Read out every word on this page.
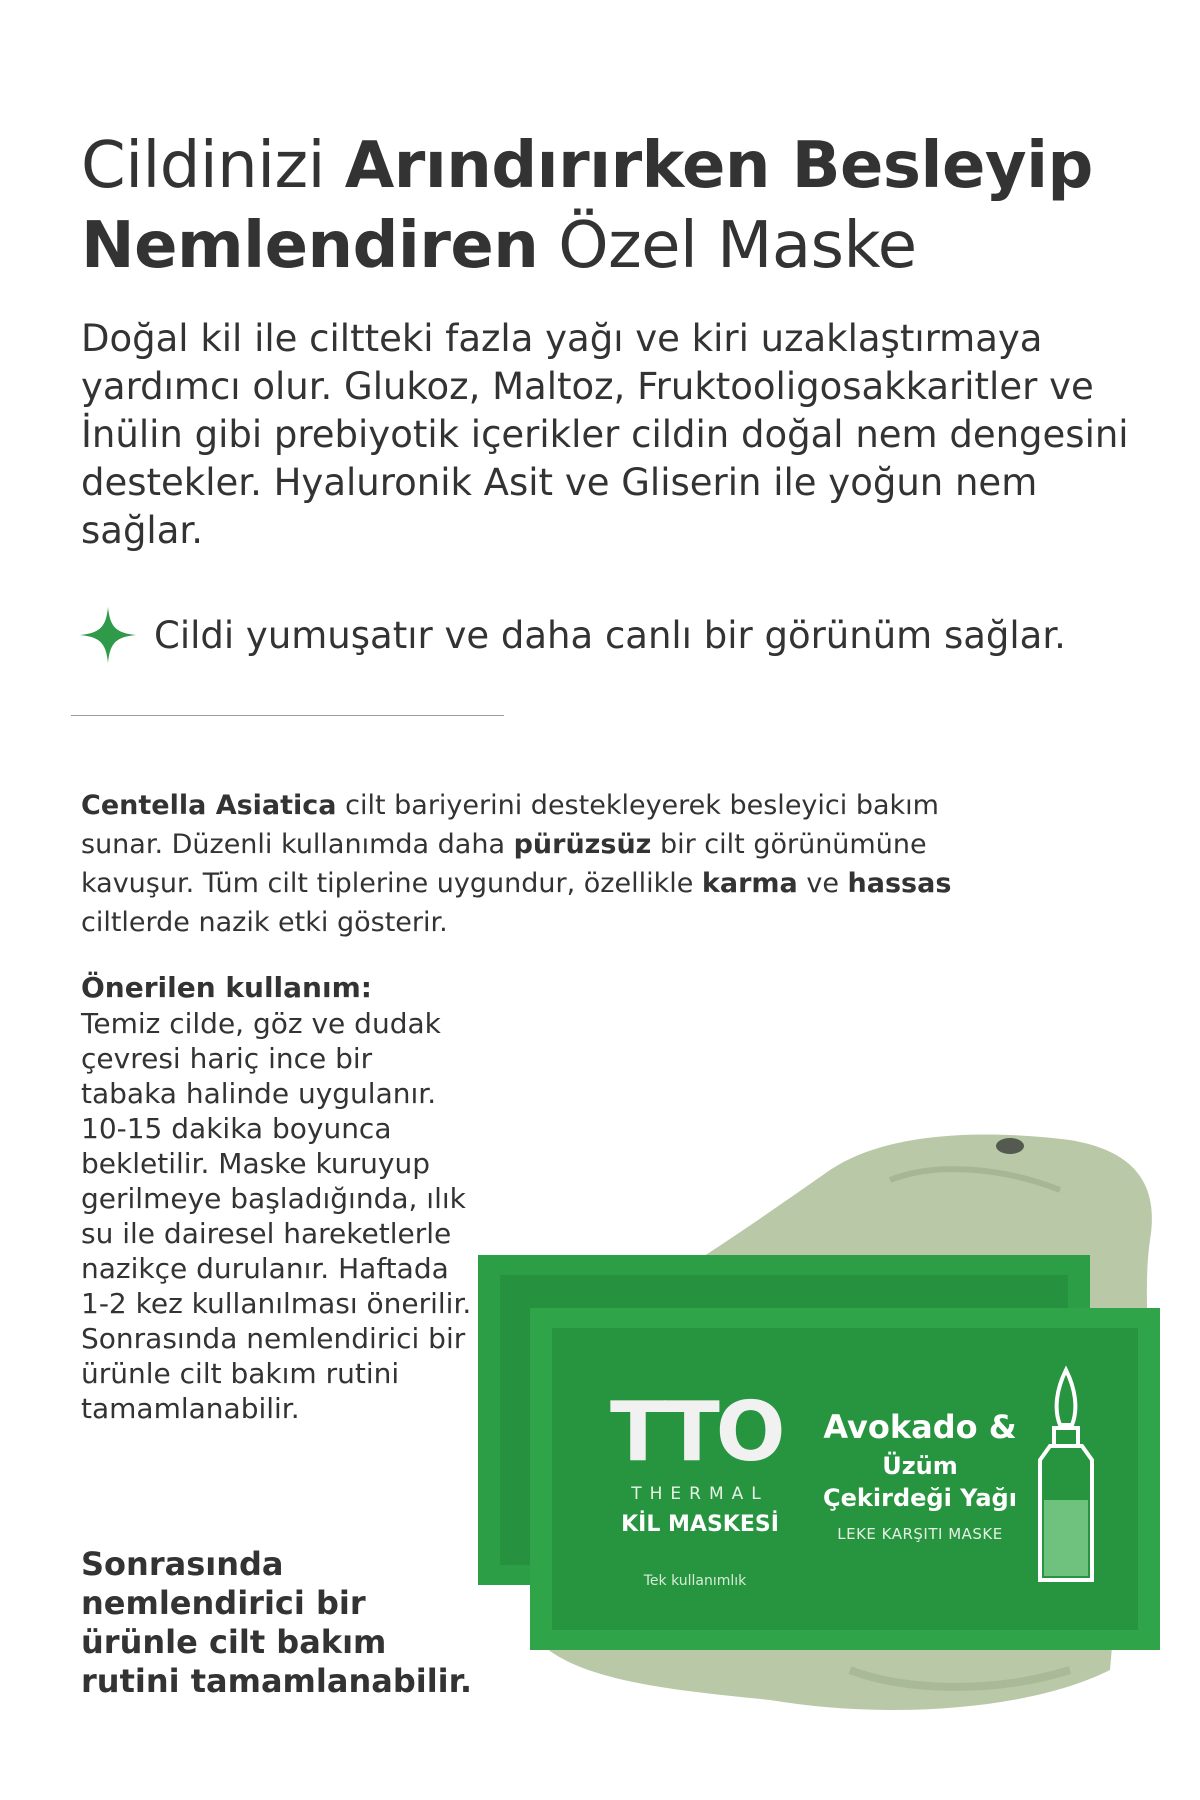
Cildinizi Arındırırken Besleyip Nemlendiren Özel Maske

Doğal kil ile ciltteki fazla yağı ve kiri uzaklaştırmaya yardımcı olur. Glukoz, Maltoz, Fruktooligosakkaritler ve İnülin gibi prebiyotik içerikler cildin doğal nem dengesini destekler. Hyaluronik Asit ve Gliserin ile yoğun nem sağlar.

Cildi yumuşatır ve daha canlı bir görünüm sağlar.

Centella Asiatica cilt bariyerini destekleyerek besleyici bakım sunar. Düzenli kullanımda daha pürüzsüz bir cilt görünümüne kavuşur. Tüm cilt tiplerine uygundur, özellikle karma ve hassas ciltlerde nazik etki gösterir.

Önerilen kullanım:

Temiz cilde, göz ve dudak çevresi hariç ince bir tabaka halinde uygulanır. 10-15 dakika boyunca bekletilir. Maske kuruyup gerilmeye başladığında, ılık su ile dairesel hareketlerle nazikçe durulanır. Haftada 1-2 kez kullanılması önerilir. Sonrasında nemlendirici bir ürünle cilt bakım rutini tamamlanabilir.

Sonrasında nemlendirici bir ürünle cilt bakım rutini tamamlanabilir.

TTO
THERMAL
KİL MASKESİ
Tek kullanımlık
Avokado &
Üzüm
Çekirdeği Yağı
LEKE KARŞITI MASKE
